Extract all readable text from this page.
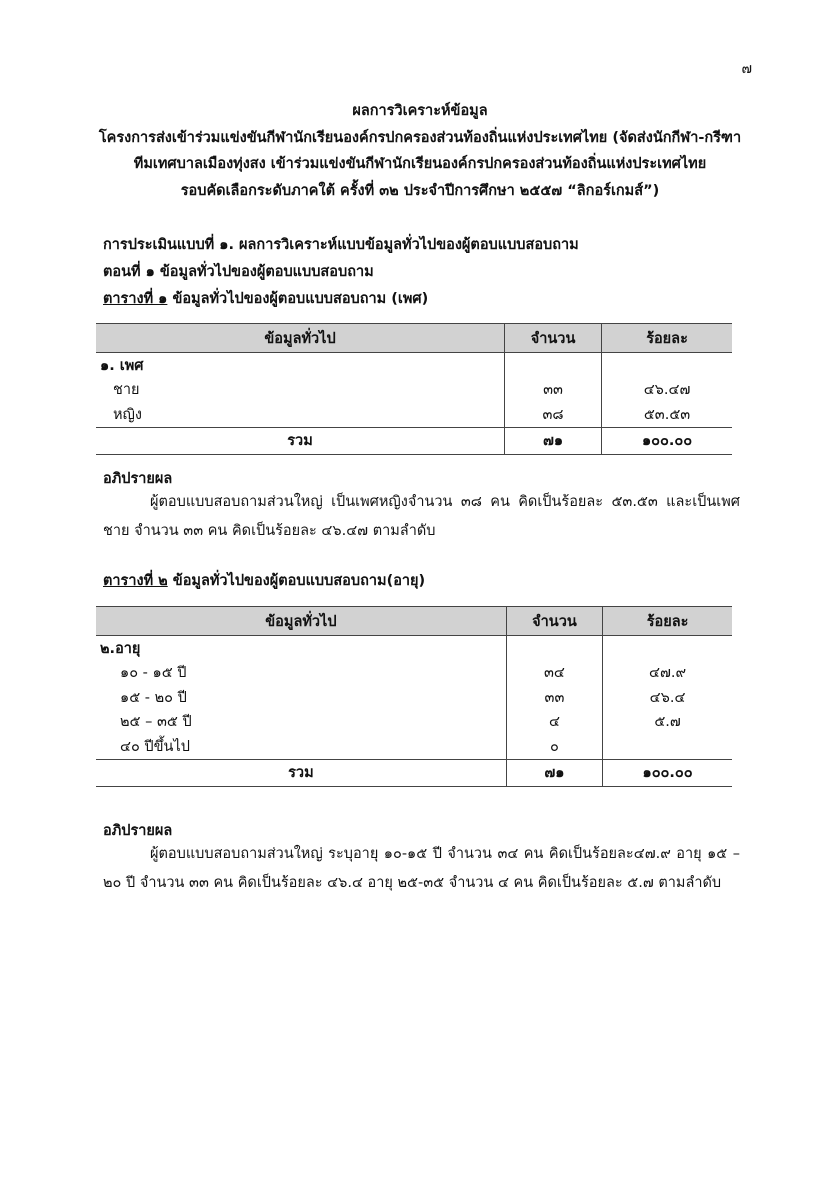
๗
ผลการวิเคราะห์ข้อมูล
โครงการส่งเข้าร่วมแข่งขันกีฬานักเรียนองค์กรปกครองส่วนท้องถิ่นแห่งประเทศไทย (จัดส่งนักกีฬา-กรีฑา
ทีมเทศบาลเมืองทุ่งสง เข้าร่วมแข่งขันกีฬานักเรียนองค์กรปกครองส่วนท้องถิ่นแห่งประเทศไทย
รอบคัดเลือกระดับภาคใต้ ครั้งที่ ๓๒ ประจำปีการศึกษา ๒๕๕๗ “ลิกอร์เกมส์”)
การประเมินแบบที่ ๑. ผลการวิเคราะห์แบบข้อมูลทั่วไปของผู้ตอบแบบสอบถาม
ตอนที่ ๑ ข้อมูลทั่วไปของผู้ตอบแบบสอบถาม
ตารางที่ ๑ ข้อมูลทั่วไปของผู้ตอบแบบสอบถาม (เพศ)
ข้อมูลทั่วไป	จำนวน	ร้อยละ
๑. เพศ		
ชาย	๓๓	๔๖.๔๗
หญิง	๓๘	๕๓.๕๓
รวม	๗๑	๑๐๐.๐๐
อภิปรายผล

ผู้ตอบแบบสอบถามส่วนใหญ่ เป็นเพศหญิงจำนวน ๓๘ คน คิดเป็นร้อยละ ๕๓.๕๓ และเป็นเพศชาย จำนวน ๓๓ คน คิดเป็นร้อยละ ๔๖.๔๗ ตามลำดับ

ตารางที่ ๒ ข้อมูลทั่วไปของผู้ตอบแบบสอบถาม(อายุ)
ข้อมูลทั่วไป	จำนวน	ร้อยละ
๒.อายุ		
๑๐ - ๑๕ ปี	๓๔	๔๗.๙
๑๕ - ๒๐ ปี	๓๓	๔๖.๔
๒๕ – ๓๕ ปี	๔	๕.๗
๔๐ ปีขึ้นไป	๐	
รวม	๗๑	๑๐๐.๐๐
อภิปรายผล

ผู้ตอบแบบสอบถามส่วนใหญ่ ระบุอายุ ๑๐-๑๕ ปี จำนวน ๓๔ คน คิดเป็นร้อยละ๔๗.๙ อายุ ๑๕ – ๒๐ ปี จำนวน ๓๓ คน คิดเป็นร้อยละ ๔๖.๔ อายุ ๒๕-๓๕ จำนวน ๔ คน คิดเป็นร้อยละ ๕.๗ ตามลำดับ
